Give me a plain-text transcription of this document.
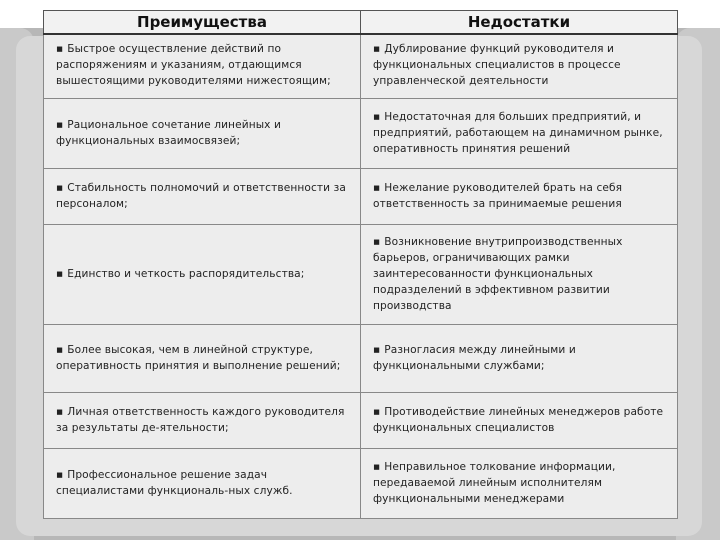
Преимущества	Недостатки
▪ Быстрое осуществление действий по распоряжениям и указаниям, отдающимся вышестоящими руководителями нижестоящим;	▪ Дублирование функций руководителя и функциональных специалистов в процессе управленческой деятельности
▪ Рациональное сочетание линейных и функциональных взаимосвязей;	▪ Недостаточная для больших предприятий, и предприятий, работающем на динамичном рынке, оперативность принятия решений
▪ Стабильность полномочий и ответственности за персоналом;	▪ Нежелание руководителей брать на себя ответственность за принимаемые решения
▪ Единство и четкость распорядительства;	▪ Возникновение внутрипроизводственных барьеров, ограничивающих рамки заинтересованности функциональных подразделений в эффективном развитии производства
▪ Более высокая, чем в линейной структуре, оперативность принятия и выполнение решений;	▪ Разногласия между линейными и функциональными службами;
▪ Личная ответственность каждого руководителя за результаты де-ятельности;	▪ Противодействие линейных менеджеров работе функциональных специалистов
▪ Профессиональное решение задач специалистами функциональ-ных служб.	▪ Неправильное толкование информации, передаваемой линейным исполнителям функциональными менеджерами
